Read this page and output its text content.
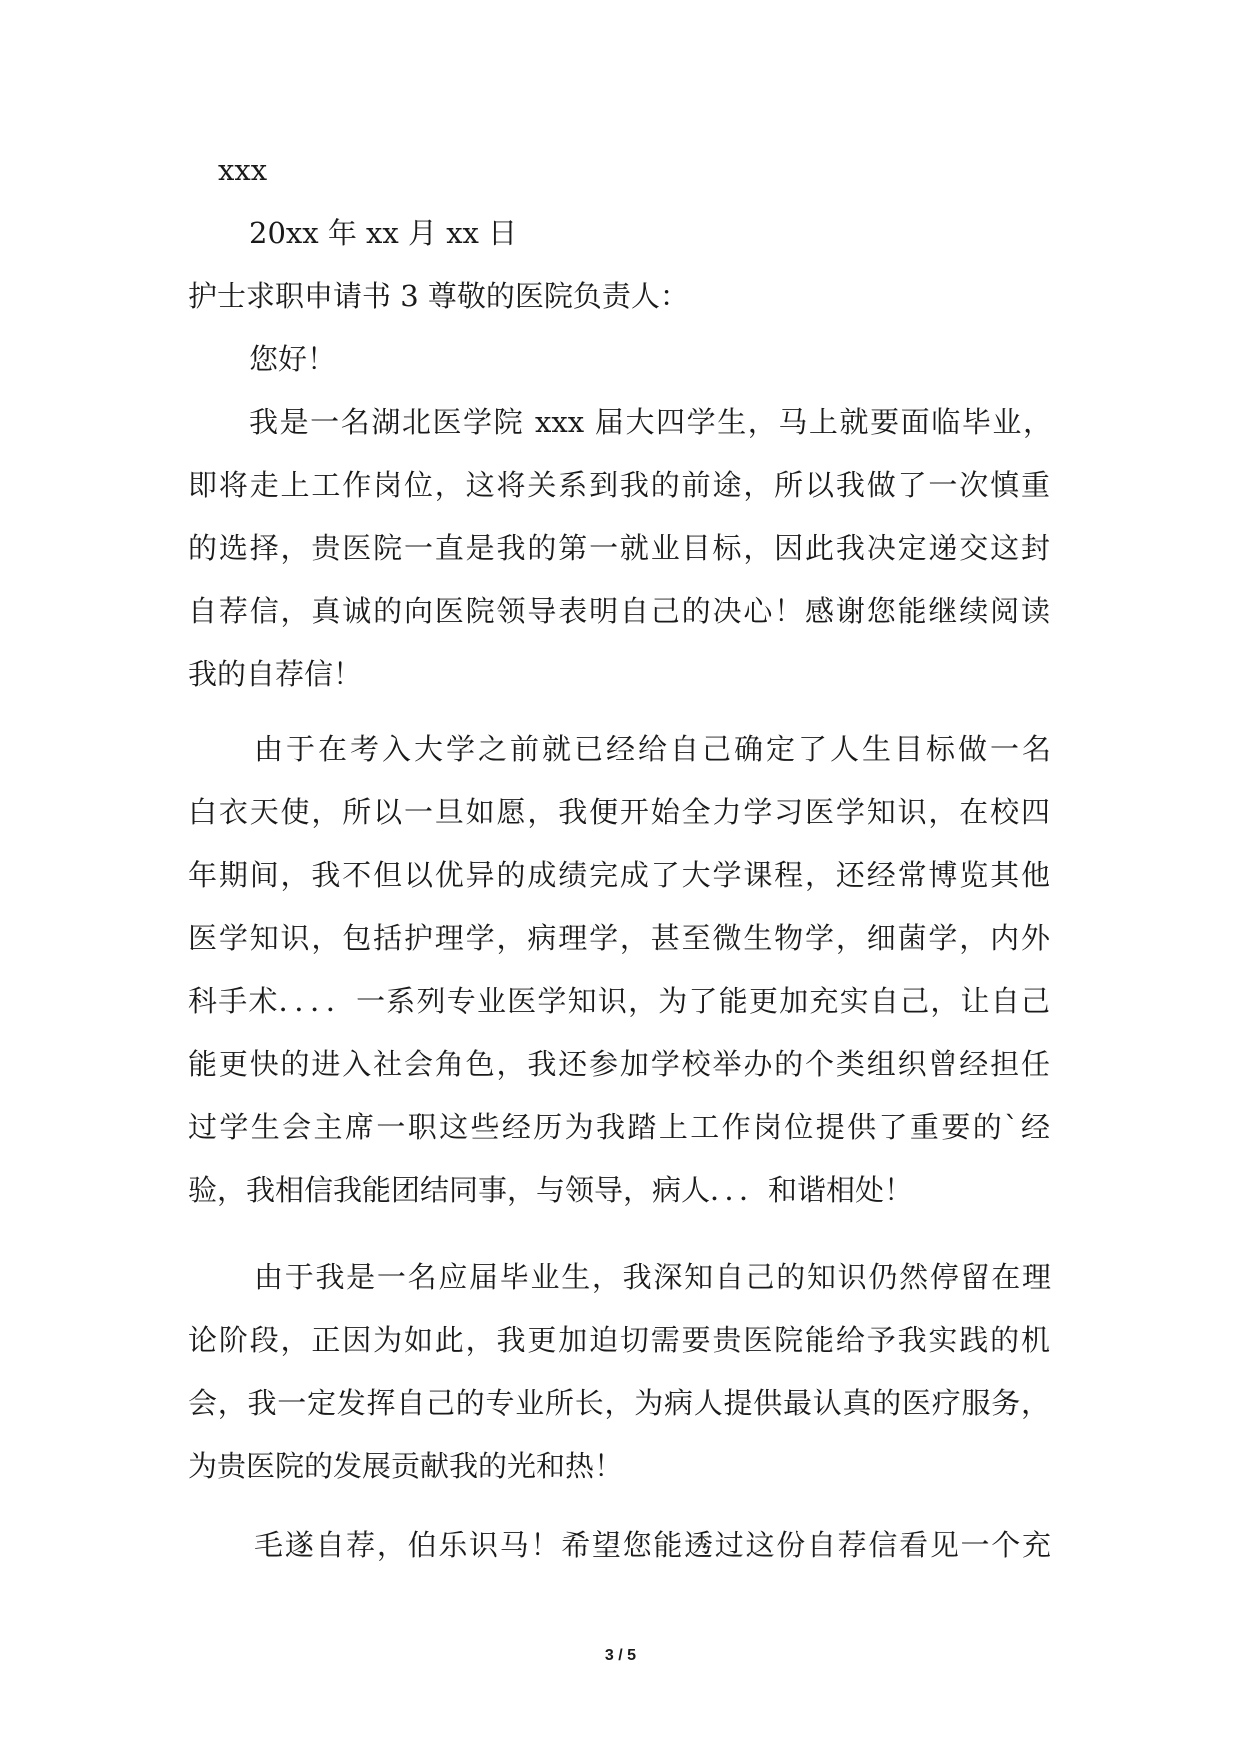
xxx
20xx 年 xx 月 xx 日
护士求职申请书 3 尊敬的医院负责人：
您好！
我是一名湖北医学院 xxx 届大四学生，马上就要面临毕业，
即将走上工作岗位，这将关系到我的前途，所以我做了一次慎重
的选择，贵医院一直是我的第一就业目标，因此我决定递交这封
自荐信，真诚的向医院领导表明自己的决心！感谢您能继续阅读
我的自荐信！
由于在考入大学之前就已经给自己确定了人生目标做一名
白衣天使，所以一旦如愿，我便开始全力学习医学知识，在校四
年期间，我不但以优异的成绩完成了大学课程，还经常博览其他
医学知识，包括护理学，病理学，甚至微生物学，细菌学，内外
科手术．．．．一系列专业医学知识，为了能更加充实自己，让自己
能更快的进入社会角色，我还参加学校举办的个类组织曾经担任
过学生会主席一职这些经历为我踏上工作岗位提供了重要的`经
验，我相信我能团结同事，与领导，病人．．．和谐相处！
由于我是一名应届毕业生，我深知自己的知识仍然停留在理
论阶段，正因为如此，我更加迫切需要贵医院能给予我实践的机
会，我一定发挥自己的专业所长，为病人提供最认真的医疗服务，
为贵医院的发展贡献我的光和热！
毛遂自荐，伯乐识马！希望您能透过这份自荐信看见一个充
3 / 5
